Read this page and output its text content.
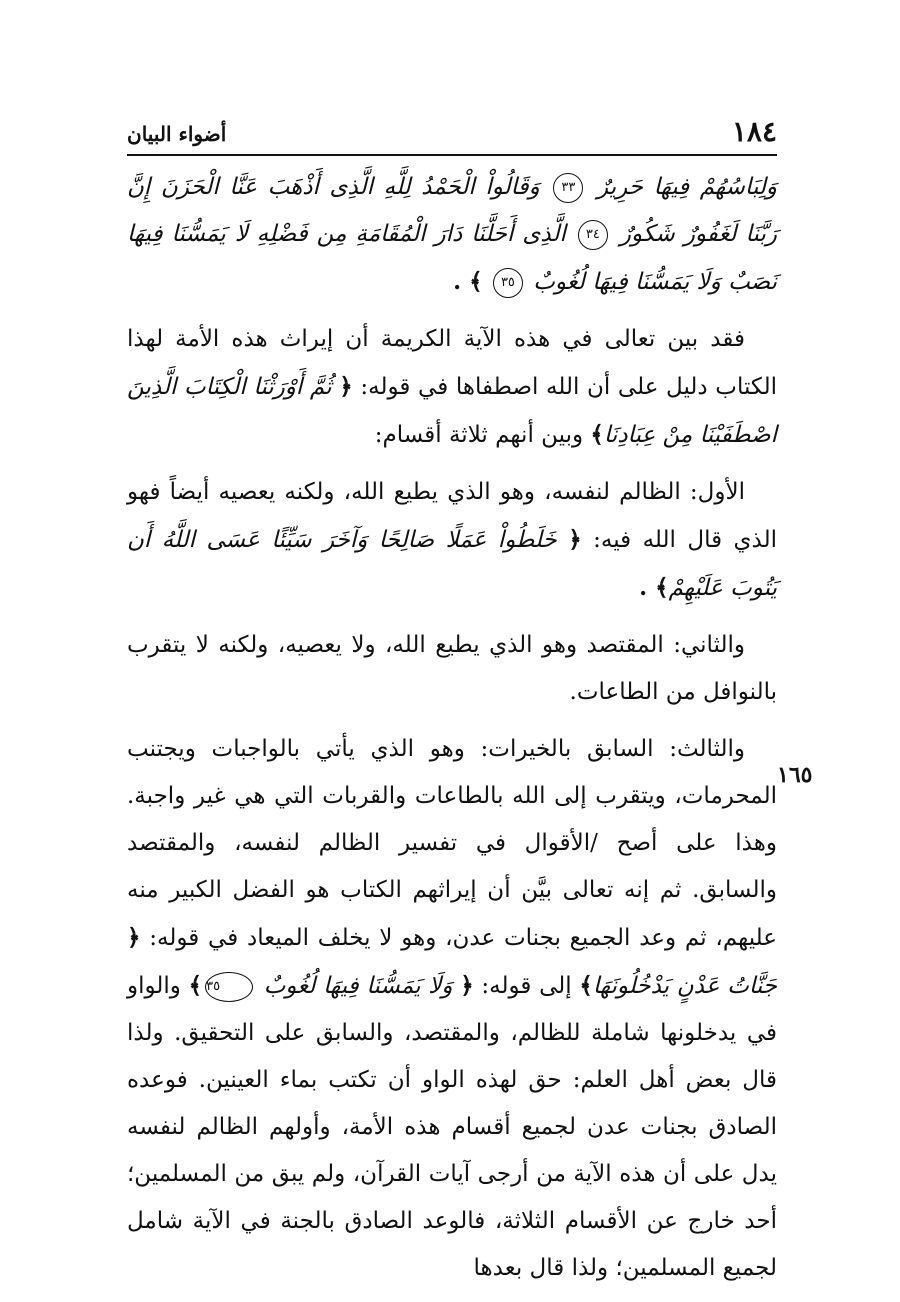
١٨٤
أضواء البيان
١٦٥

وَلِبَاسُهُمْ فِيهَا حَرِيرٌ ٣٣ وَقَالُواْ الْحَمْدُ لِلَّهِ الَّذِى أَذْهَبَ عَنَّا الْحَزَنَ إِنَّ رَبَّنَا لَغَفُورٌ شَكُورٌ ٣٤ الَّذِى أَحَلَّنَا دَارَ الْمُقَامَةِ مِن فَضْلِهِ لَا يَمَسُّنَا فِيهَا نَصَبٌ وَلَا يَمَسُّنَا فِيهَا لُغُوبٌ ٣٥ ﴾ .

فقد بين تعالى في هذه الآية الكريمة أن إيراث هذه الأمة لهذا الكتاب دليل على أن الله اصطفاها في قوله: ﴿ ثُمَّ أَوْرَثْنَا الْكِتَابَ الَّذِينَ اصْطَفَيْنَا مِنْ عِبَادِنَا﴾ وبين أنهم ثلاثة أقسام:

الأول: الظالم لنفسه، وهو الذي يطيع الله، ولكنه يعصيه أيضاً فهو الذي قال الله فيه: ﴿ خَلَطُواْ عَمَلًا صَالِحًا وَآخَرَ سَيِّئًا عَسَى اللَّهُ أَن يَتُوبَ عَلَيْهِمْ﴾ .

والثاني: المقتصد وهو الذي يطيع الله، ولا يعصيه، ولكنه لا يتقرب بالنوافل من الطاعات.

والثالث: السابق بالخيرات: وهو الذي يأتي بالواجبات ويجتنب المحرمات، ويتقرب إلى الله بالطاعات والقربات التي هي غير واجبة. وهذا على أصح /الأقوال في تفسير الظالم لنفسه، والمقتصد والسابق. ثم إنه تعالى بيَّن أن إيراثهم الكتاب هو الفضل الكبير منه عليهم، ثم وعد الجميع بجنات عدن، وهو لا يخلف الميعاد في قوله: ﴿ جَنَّاتُ عَدْنٍ يَدْخُلُونَهَا﴾ إلى قوله: ﴿ وَلَا يَمَسُّنَا فِيهَا لُغُوبٌ ٣٥﴾ والواو في يدخلونها شاملة للظالم، والمقتصد، والسابق على التحقيق. ولذا قال بعض أهل العلم: حق لهذه الواو أن تكتب بماء العينين. فوعده الصادق بجنات عدن لجميع أقسام هذه الأمة، وأولهم الظالم لنفسه يدل على أن هذه الآية من أرجى آيات القرآن، ولم يبق من المسلمين؛ أحد خارج عن الأقسام الثلاثة، فالوعد الصادق بالجنة في الآية شامل لجميع المسلمين؛ ولذا قال بعدها
